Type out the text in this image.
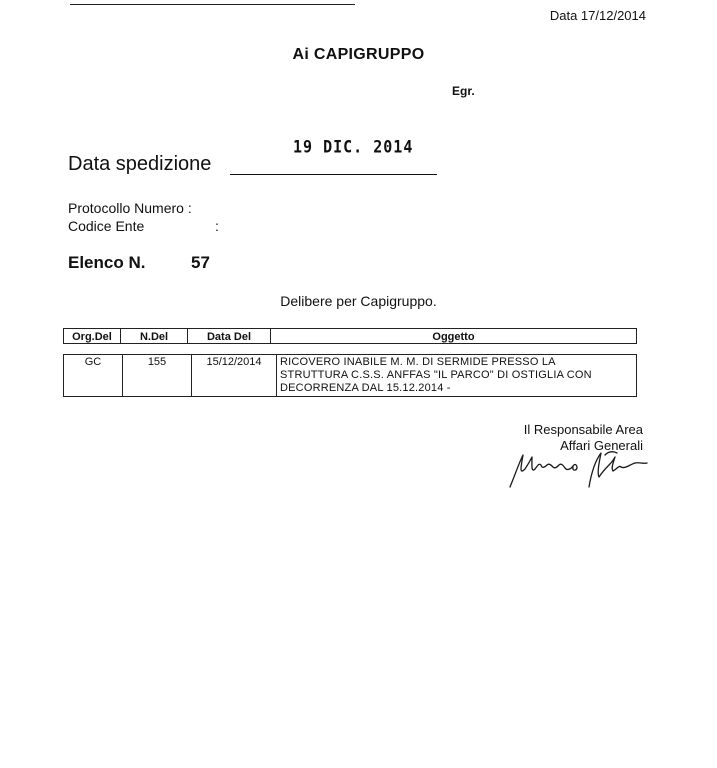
Data 17/12/2014
Ai CAPIGRUPPO
Egr.
19 DIC. 2014
Data spedizione
Protocollo Numero :
Codice Ente	:
Elenco N.	57
Delibere per Capigruppo.
Org.Del	N.Del	Data Del	Oggetto
GC	155	15/12/2014	RICOVERO INABILE M. M. DI SERMIDE PRESSO LA
STRUTTURA C.S.S. ANFFAS "IL PARCO" DI OSTIGLIA CON
DECORRENZA DAL 15.12.2014 -
Il Responsabile Area
Affari Generali
